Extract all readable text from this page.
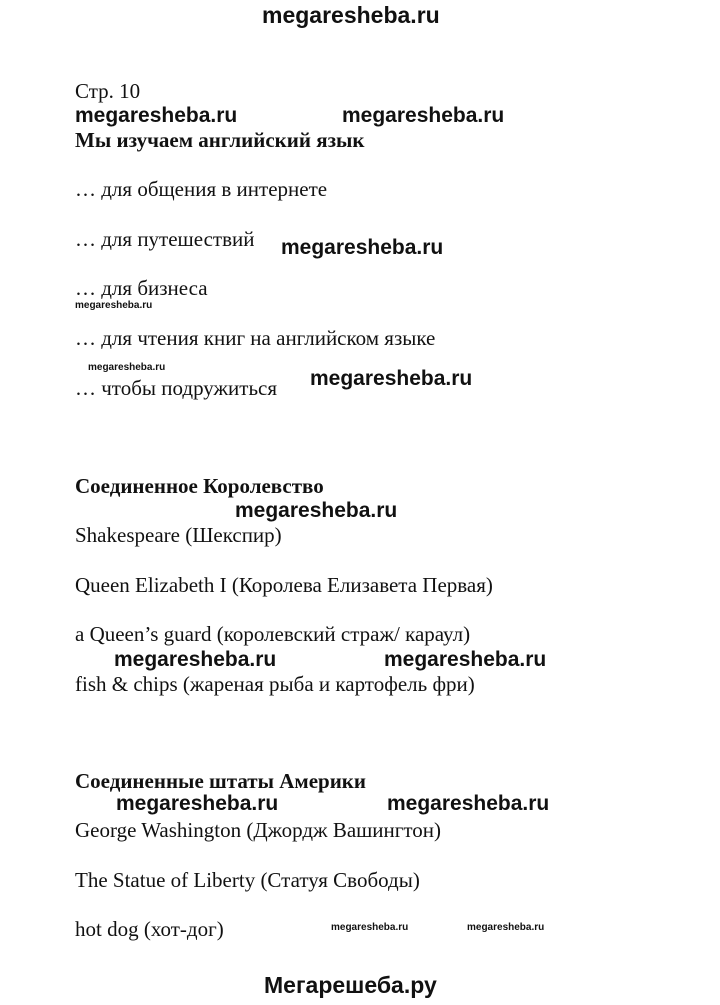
megaresheba.ru
Стр. 10
megaresheba.ru	megaresheba.ru
Мы изучаем английский язык
… для общения в интернете
… для путешествий megaresheba.ru
… для бизнеса
megaresheba.ru
… для чтения книг на английском языке
megaresheba.ru
… чтобы подружиться megaresheba.ru
Соединенное Королевство
megaresheba.ru
Shakespeare (Шекспир)
Queen Elizabeth I (Королева Елизавета Первая)
a Queen’s guard (королевский страж/ караул)
megaresheba.ru	megaresheba.ru
fish & chips (жареная рыба и картофель фри)
Соединенные штаты Америки
megaresheba.ru	megaresheba.ru
George Washington (Джордж Вашингтон)
The Statue of Liberty (Статуя Свободы)
hot dog (хот-дог)	megaresheba.ru	megaresheba.ru
Мегарешеба.ру
